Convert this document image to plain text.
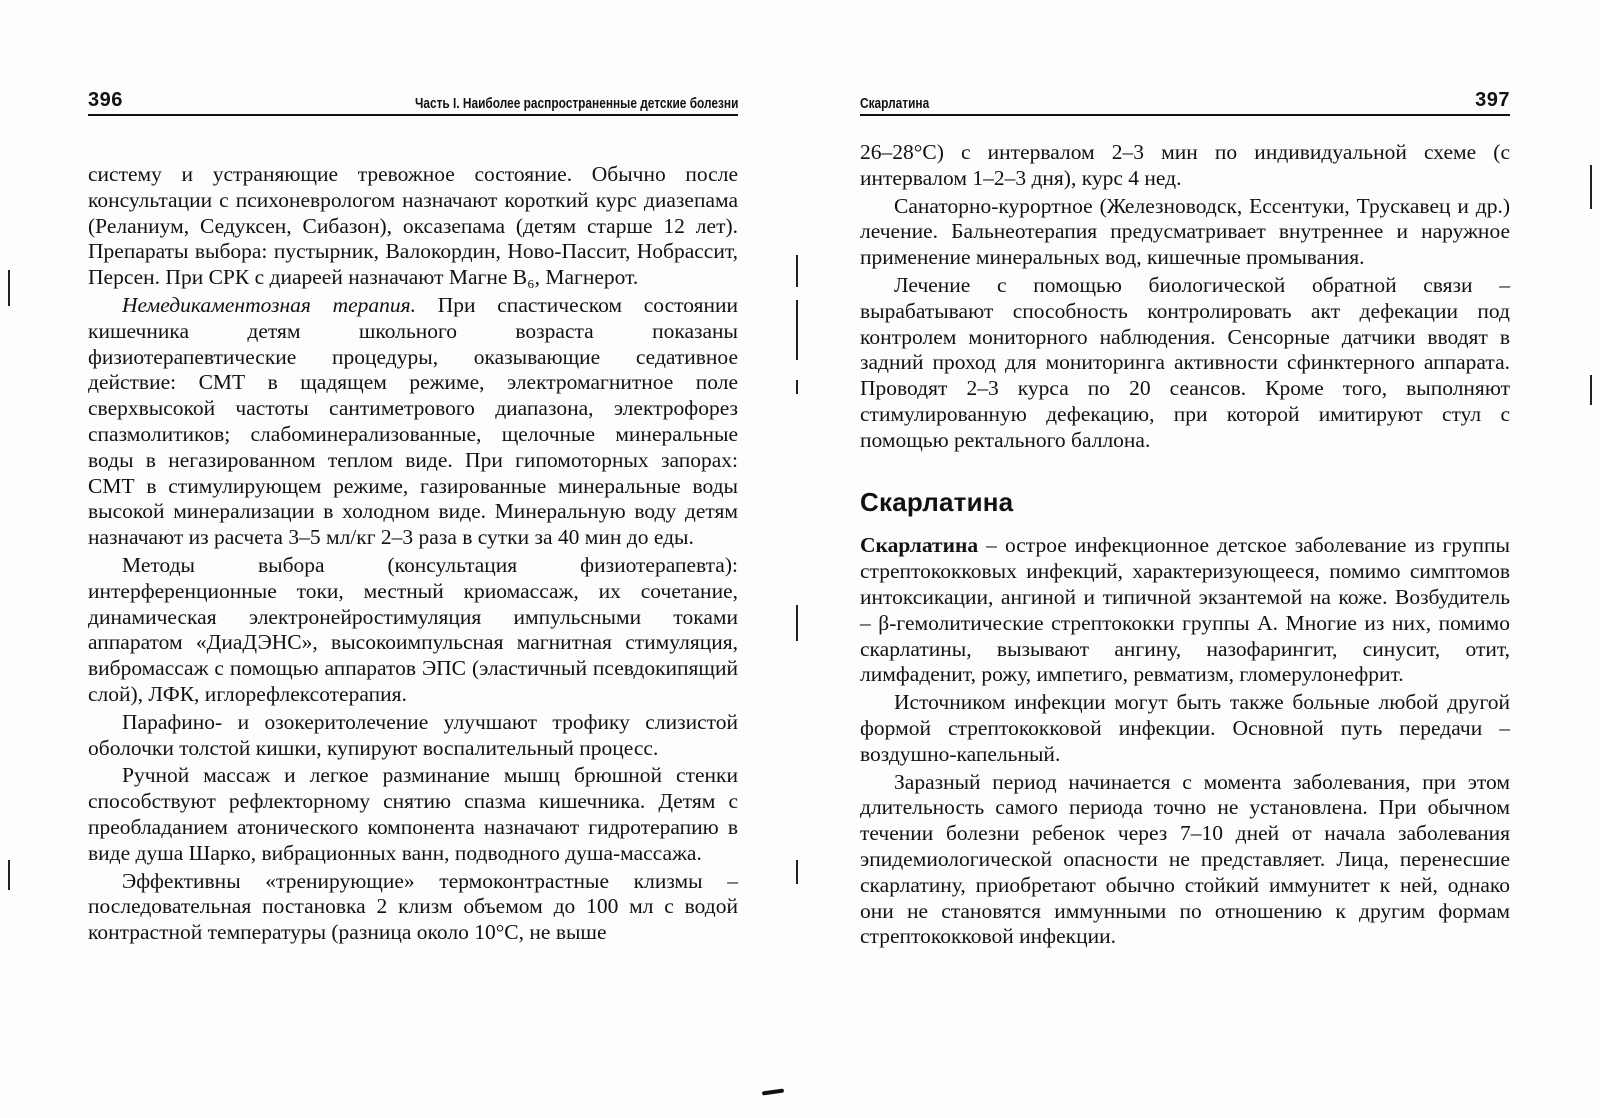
396	Часть I. Наиболее распространенные детские болезни

систему и устраняющие тревожное состояние. Обычно после консультации с психоневрологом назначают короткий курс диазепама (Реланиум, Седуксен, Сибазон), оксазепама (детям старше 12 лет). Препараты выбора: пустырник, Валокордин, Ново-Пассит, Нобрассит, Персен. При СРК с диареей назначают Магне B₆, Магнерот.

Немедикаментозная терапия. При спастическом состоянии кишечника детям школьного возраста показаны физиотерапевтические процедуры, оказывающие седативное действие: СМТ в щадящем режиме, электромагнитное поле сверхвысокой частоты сантиметрового диапазона, электрофорез спазмолитиков; слабоминерализованные, щелочные минеральные воды в негазированном теплом виде. При гипомоторных запорах: СМТ в стимулирующем режиме, газированные минеральные воды высокой минерализации в холодном виде. Минеральную воду детям назначают из расчета 3–5 мл/кг 2–3 раза в сутки за 40 мин до еды.

Методы выбора (консультация физиотерапевта): интерференционные токи, местный криомассаж, их сочетание, динамическая электронейростимуляция импульсными токами аппаратом «ДиаДЭНС», высокоимпульсная магнитная стимуляция, вибромассаж с помощью аппаратов ЭПС (эластичный псевдокипящий слой), ЛФК, иглорефлексотерапия.

Парафино- и озокеритолечение улучшают трофику слизистой оболочки толстой кишки, купируют воспалительный процесс.

Ручной массаж и легкое разминание мышц брюшной стенки способствуют рефлекторному снятию спазма кишечника. Детям с преобладанием атонического компонента назначают гидротерапию в виде душа Шарко, вибрационных ванн, подводного душа-массажа.

Эффективны «тренирующие» термоконтрастные клизмы – последовательная постановка 2 клизм объемом до 100 мл с водой контрастной температуры (разница около 10°С, не выше

Скарлатина	397

26–28°С) с интервалом 2–3 мин по индивидуальной схеме (с интервалом 1–2–3 дня), курс 4 нед.

Санаторно-курортное (Железноводск, Ессентуки, Трускавец и др.) лечение. Бальнеотерапия предусматривает внутреннее и наружное применение минеральных вод, кишечные промывания.

Лечение с помощью биологической обратной связи – вырабатывают способность контролировать акт дефекации под контролем мониторного наблюдения. Сенсорные датчики вводят в задний проход для мониторинга активности сфинктерного аппарата. Проводят 2–3 курса по 20 сеансов. Кроме того, выполняют стимулированную дефекацию, при которой имитируют стул с помощью ректального баллона.

Скарлатина

Скарлатина – острое инфекционное детское заболевание из группы стрептококковых инфекций, характеризующееся, помимо симптомов интоксикации, ангиной и типичной экзантемой на коже. Возбудитель – β-гемолитические стрептококки группы А. Многие из них, помимо скарлатины, вызывают ангину, назофарингит, синусит, отит, лимфаденит, рожу, импетиго, ревматизм, гломерулонефрит.

Источником инфекции могут быть также больные любой другой формой стрептококковой инфекции. Основной путь передачи – воздушно-капельный.

Заразный период начинается с момента заболевания, при этом длительность самого периода точно не установлена. При обычном течении болезни ребенок через 7–10 дней от начала заболевания эпидемиологической опасности не представляет. Лица, перенесшие скарлатину, приобретают обычно стойкий иммунитет к ней, однако они не становятся иммунными по отношению к другим формам стрептококковой инфекции.
